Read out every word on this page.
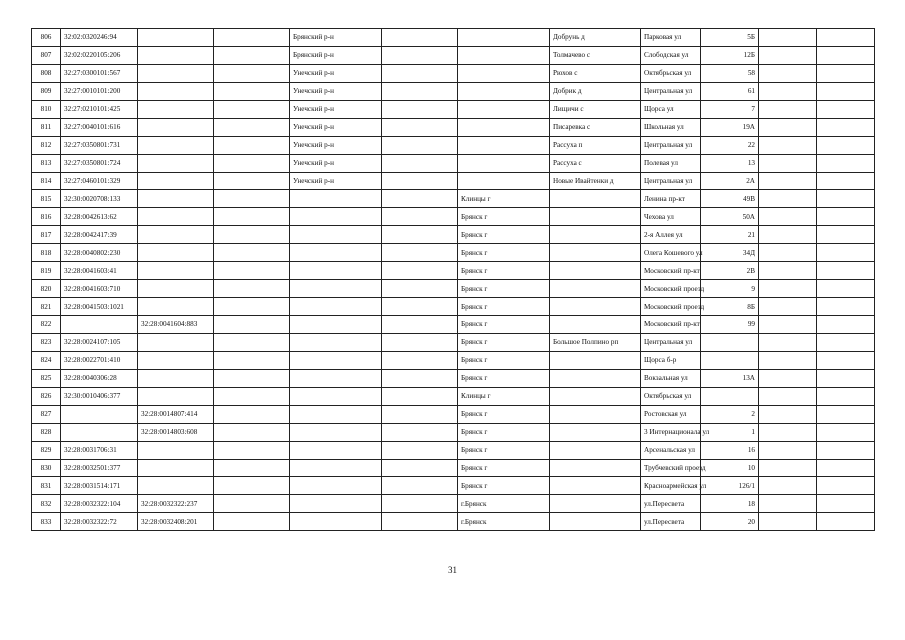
806	32:02:0320246:94			Брянский р-н			Добрунь д	Парковая ул	5Б		
807	32:02:0220105:206			Брянский р-н			Толмачево с	Слободская ул	12Б		
808	32:27:0300101:567			Унечский р-н			Рюхов с	Октябрьская ул	58		
809	32:27:0010101:200			Унечский р-н			Добрик д	Центральная ул	61		
810	32:27:0210101:425			Унечский р-н			Лищичи с	Щорса ул	7		
811	32:27:0040101:616			Унечский р-н			Писаревка с	Школьная ул	19А		
812	32:27:0350801:731			Унечский р-н			Рассуха п	Центральная ул	22		
813	32:27:0350801:724			Унечский р-н			Рассуха с	Полевая ул	13		
814	32:27:0460101:329			Унечский р-н			Новые Ивайтенки д	Центральная ул	2А		
815	32:30:0020708:133					Клинцы г		Ленина пр-кт	49В		
816	32:28:0042613:62					Брянск г		Чехова ул	50А		
817	32:28:0042417:39					Брянск г		2-я Аллея ул	21		
818	32:28:0040802:230					Брянск г		Олега Кошевого ул	34Д		
819	32:28:0041603:41					Брянск г		Московский пр-кт	2В		
820	32:28:0041603:710					Брянск г		Московский проезд	9		
821	32:28:0041503:1021					Брянск г		Московский проезд	8Б		
822		32:28:0041604:883				Брянск г		Московский пр-кт	99		
823	32:28:0024107:105					Брянск г	Большое Полпино рп	Центральная ул			
824	32:28:0022701:410					Брянск г		Щорса б-р			
825	32:28:0040306:28					Брянск г		Вокзальная ул	13А		
826	32:30:0010406:377					Клинцы г		Октябрьская ул			
827		32:28:0014807:414				Брянск г		Ростовская ул	2		
828		32:28:0014803:608				Брянск г		3 Интернационала ул	1		
829	32:28:0031706:31					Брянск г		Арсенальская ул	16		
830	32:28:0032501:377					Брянск г		Трубчевский проезд	10		
831	32:28:0031514:171					Брянск г		Красноармейская ул	126/1		
832	32:28:0032322:104	32:28:0032322:237				г.Брянск		ул.Пересвета	18		
833	32:28:0032322:72	32:28:0032408:201				г.Брянск		ул.Пересвета	20		
31
